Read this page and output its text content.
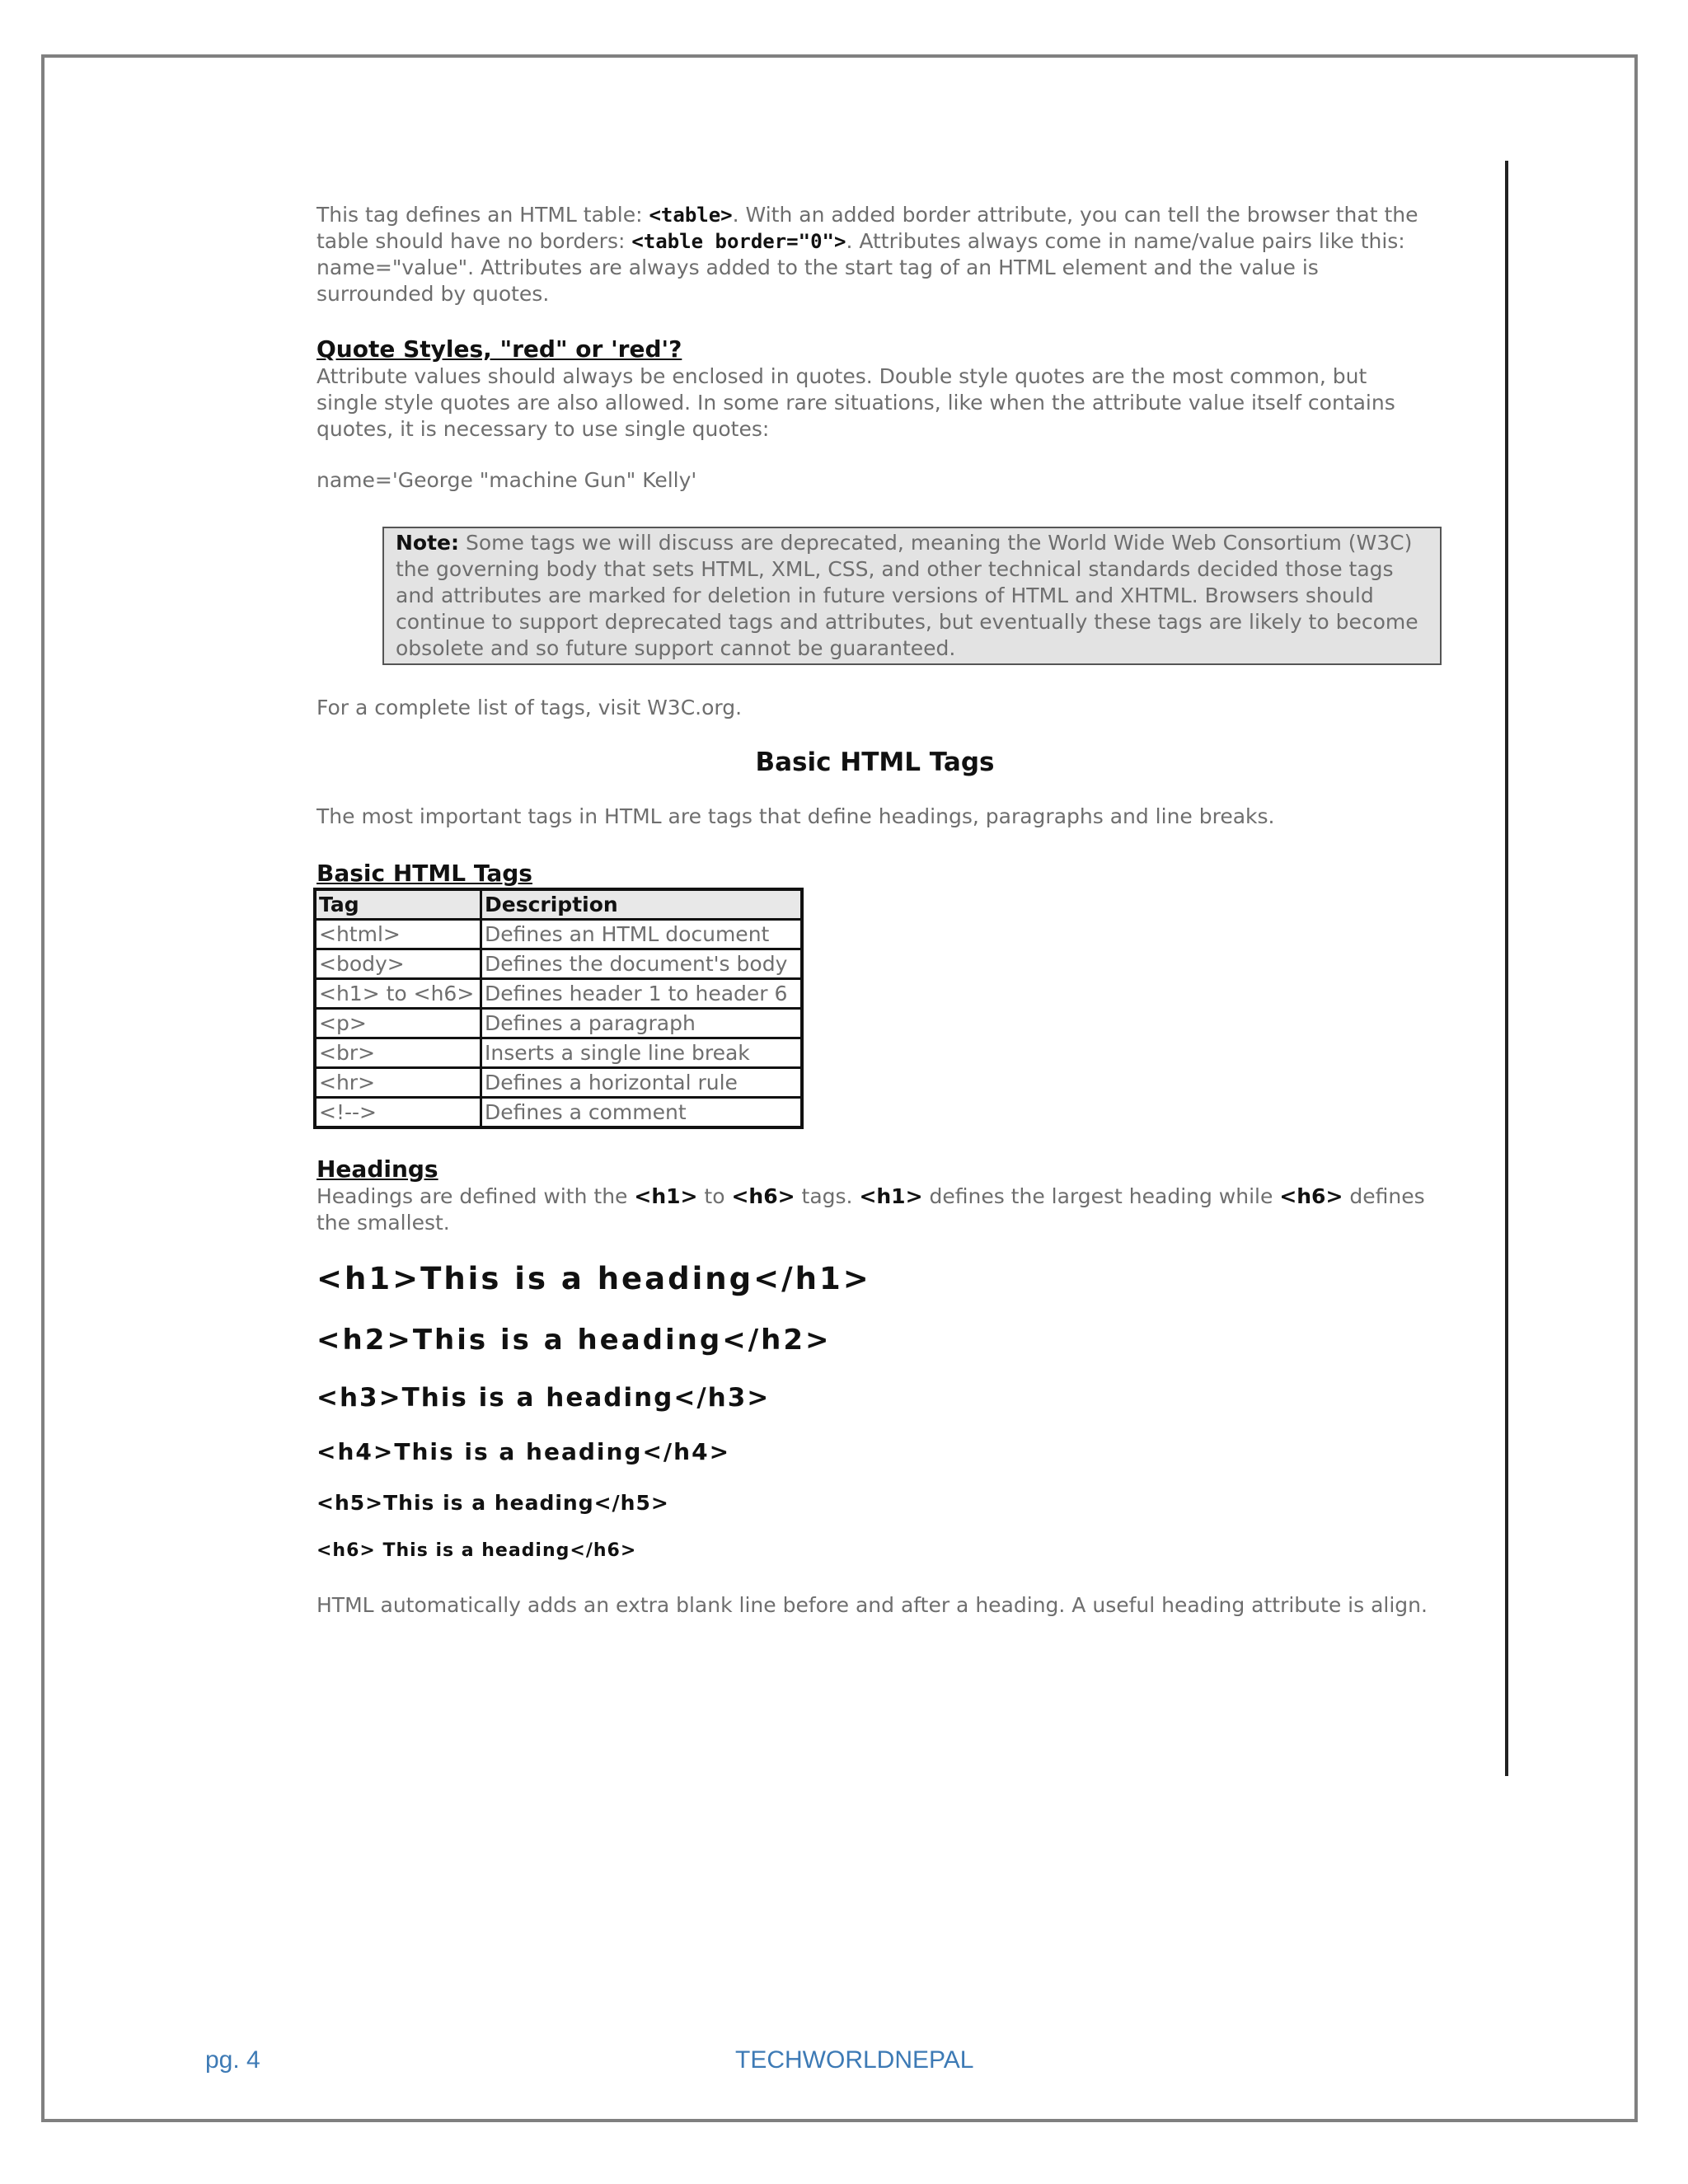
This tag defines an HTML table: <table>. With an added border attribute, you can tell the browser that the table should have no borders: <table border="0">. Attributes always come in name/value pairs like this: name="value". Attributes are always added to the start tag of an HTML element and the value is surrounded by quotes.

Quote Styles, "red" or 'red'?

Attribute values should always be enclosed in quotes. Double style quotes are the most common, but single style quotes are also allowed. In some rare situations, like when the attribute value itself contains quotes, it is necessary to use single quotes:

name='George "machine Gun" Kelly'

Note: Some tags we will discuss are deprecated, meaning the World Wide Web Consortium (W3C) the governing body that sets HTML, XML, CSS, and other technical standards decided those tags and attributes are marked for deletion in future versions of HTML and XHTML. Browsers should continue to support deprecated tags and attributes, but eventually these tags are likely to become obsolete and so future support cannot be guaranteed.

For a complete list of tags, visit W3C.org.

Basic HTML Tags

The most important tags in HTML are tags that define headings, paragraphs and line breaks.

Basic HTML Tags
Tag	Description
<html>	Defines an HTML document
<body>	Defines the document's body
<h1> to <h6>	Defines header 1 to header 6
<p>	Defines a paragraph
<br>	Inserts a single line break
<hr>	Defines a horizontal rule
<!-->	Defines a comment
Headings

Headings are defined with the <h1> to <h6> tags. <h1> defines the largest heading while <h6> defines the smallest.

<h1>This is a heading</h1>
<h2>This is a heading</h2>
<h3>This is a heading</h3>
<h4>This is a heading</h4>
<h5>This is a heading</h5>
<h6> This is a heading</h6>

HTML automatically adds an extra blank line before and after a heading. A useful heading attribute is align.

pg. 4	TECHWORLDNEPAL
